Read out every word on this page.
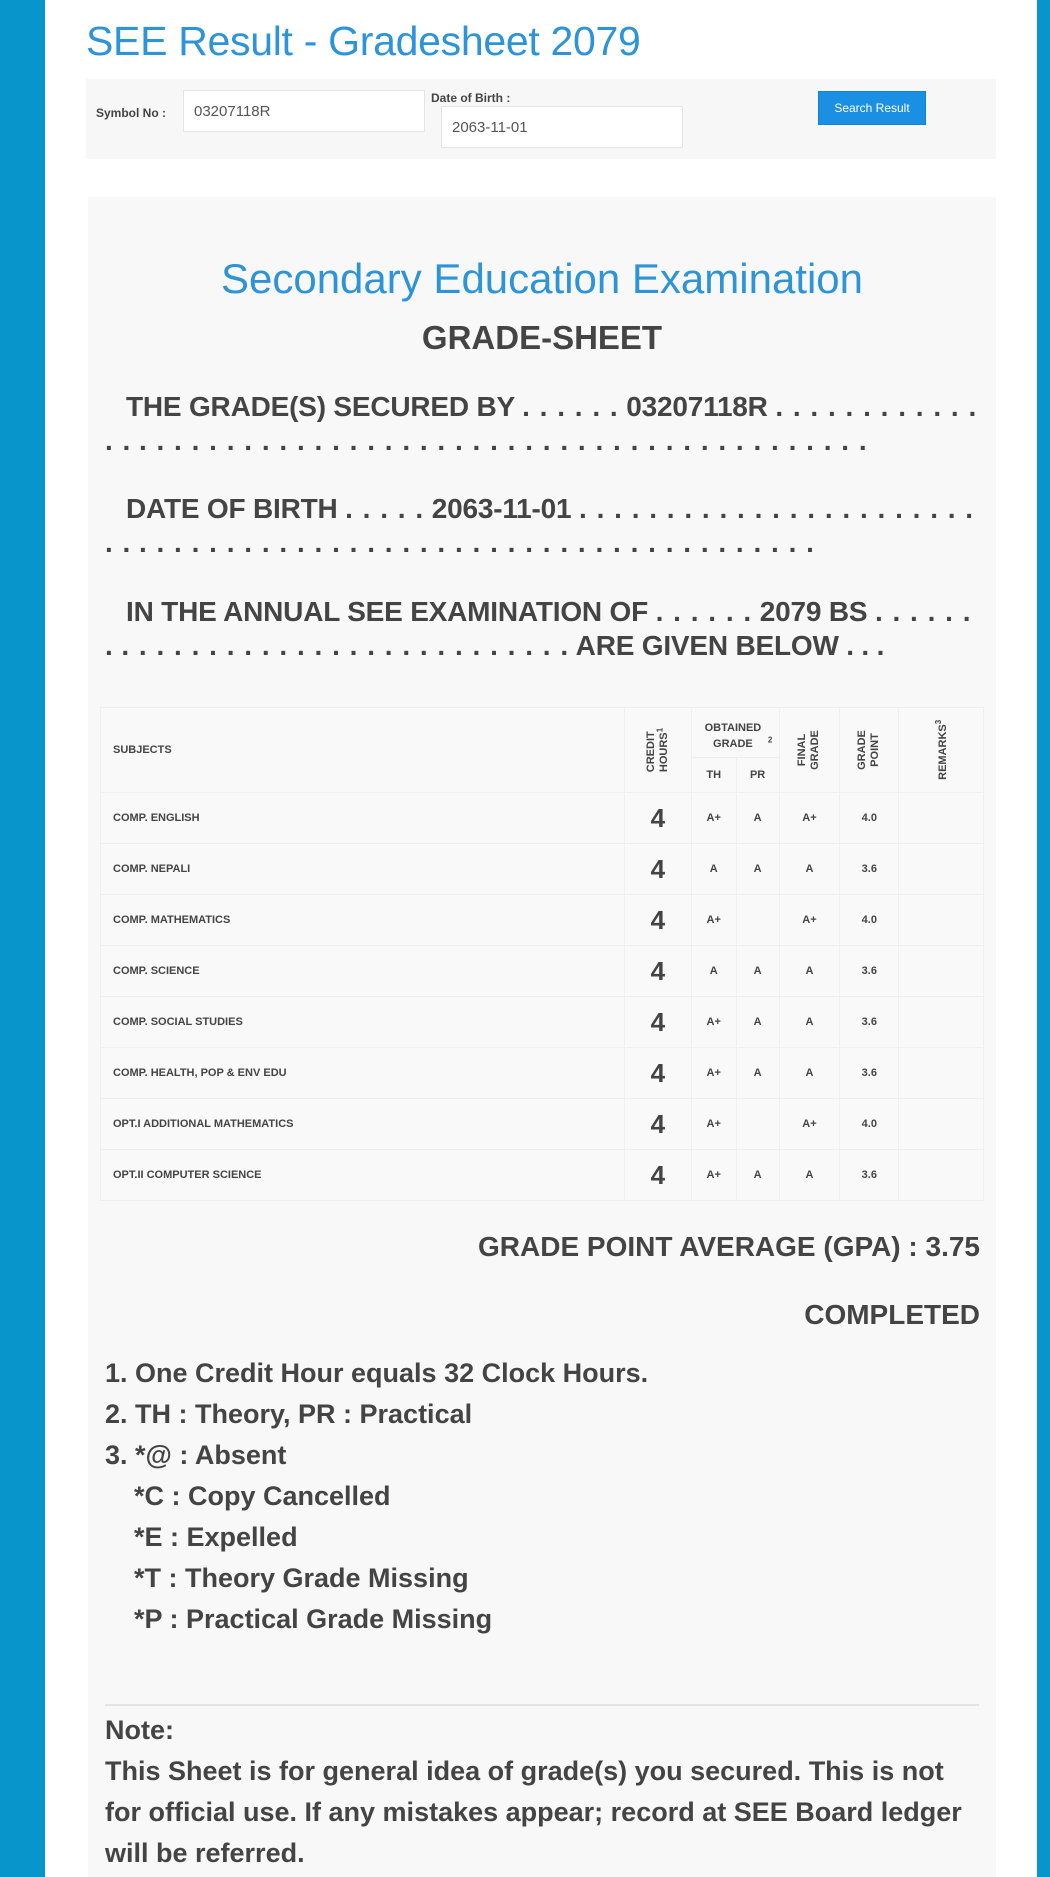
SEE Result - Gradesheet 2079
Symbol No :
03207118R
Date of Birth :
2063-11-01
Search Result
Secondary Education Examination
GRADE-SHEET
THE GRADE(S) SECURED BY . . . . . . 03207118R . . . . . . . . . . . . . . . . . . . . . . . . . . . . . . . . . . . . . . . . . . . . . . . . . . . . . . . .
DATE OF BIRTH . . . . . 2063-11-01 . . . . . . . . . . . . . . . . . . . . . . . . . . . . . . . . . . . . . . . . . . . . . . . . . . . . . . . . . . . . . . . .
IN THE ANNUAL SEE EXAMINATION OF . . . . . . 2079 BS . . . . . . . . . . . . . . . . . . . . . . . . . . . . . . . . . ARE GIVEN BELOW . . .
SUBJECTS	CREDIT HOURS$^1$	OBTAINED GRADE $^2$		FINAL GRADE	GRADE POINT	REMARKS$^3$
		TH	PR			
COMP. ENGLISH	4	A+	A	A+	4.0	
COMP. NEPALI	4	A	A	A	3.6	
COMP. MATHEMATICS	4	A+		A+	4.0	
COMP. SCIENCE	4	A	A	A	3.6	
COMP. SOCIAL STUDIES	4	A+	A	A	3.6	
COMP. HEALTH, POP & ENV EDU	4	A+	A	A	3.6	
OPT.I ADDITIONAL MATHEMATICS	4	A+		A+	4.0	
OPT.II COMPUTER SCIENCE	4	A+	A	A	3.6	
GRADE POINT AVERAGE (GPA) : 3.75
COMPLETED
1. One Credit Hour equals 32 Clock Hours.
2. TH : Theory, PR : Practical
3. *@ : Absent
*C : Copy Cancelled
*E : Expelled
*T : Theory Grade Missing
*P : Practical Grade Missing
Note:
This Sheet is for general idea of grade(s) you secured. This is not for official use. If any mistakes appear; record at SEE Board ledger will be referred.
